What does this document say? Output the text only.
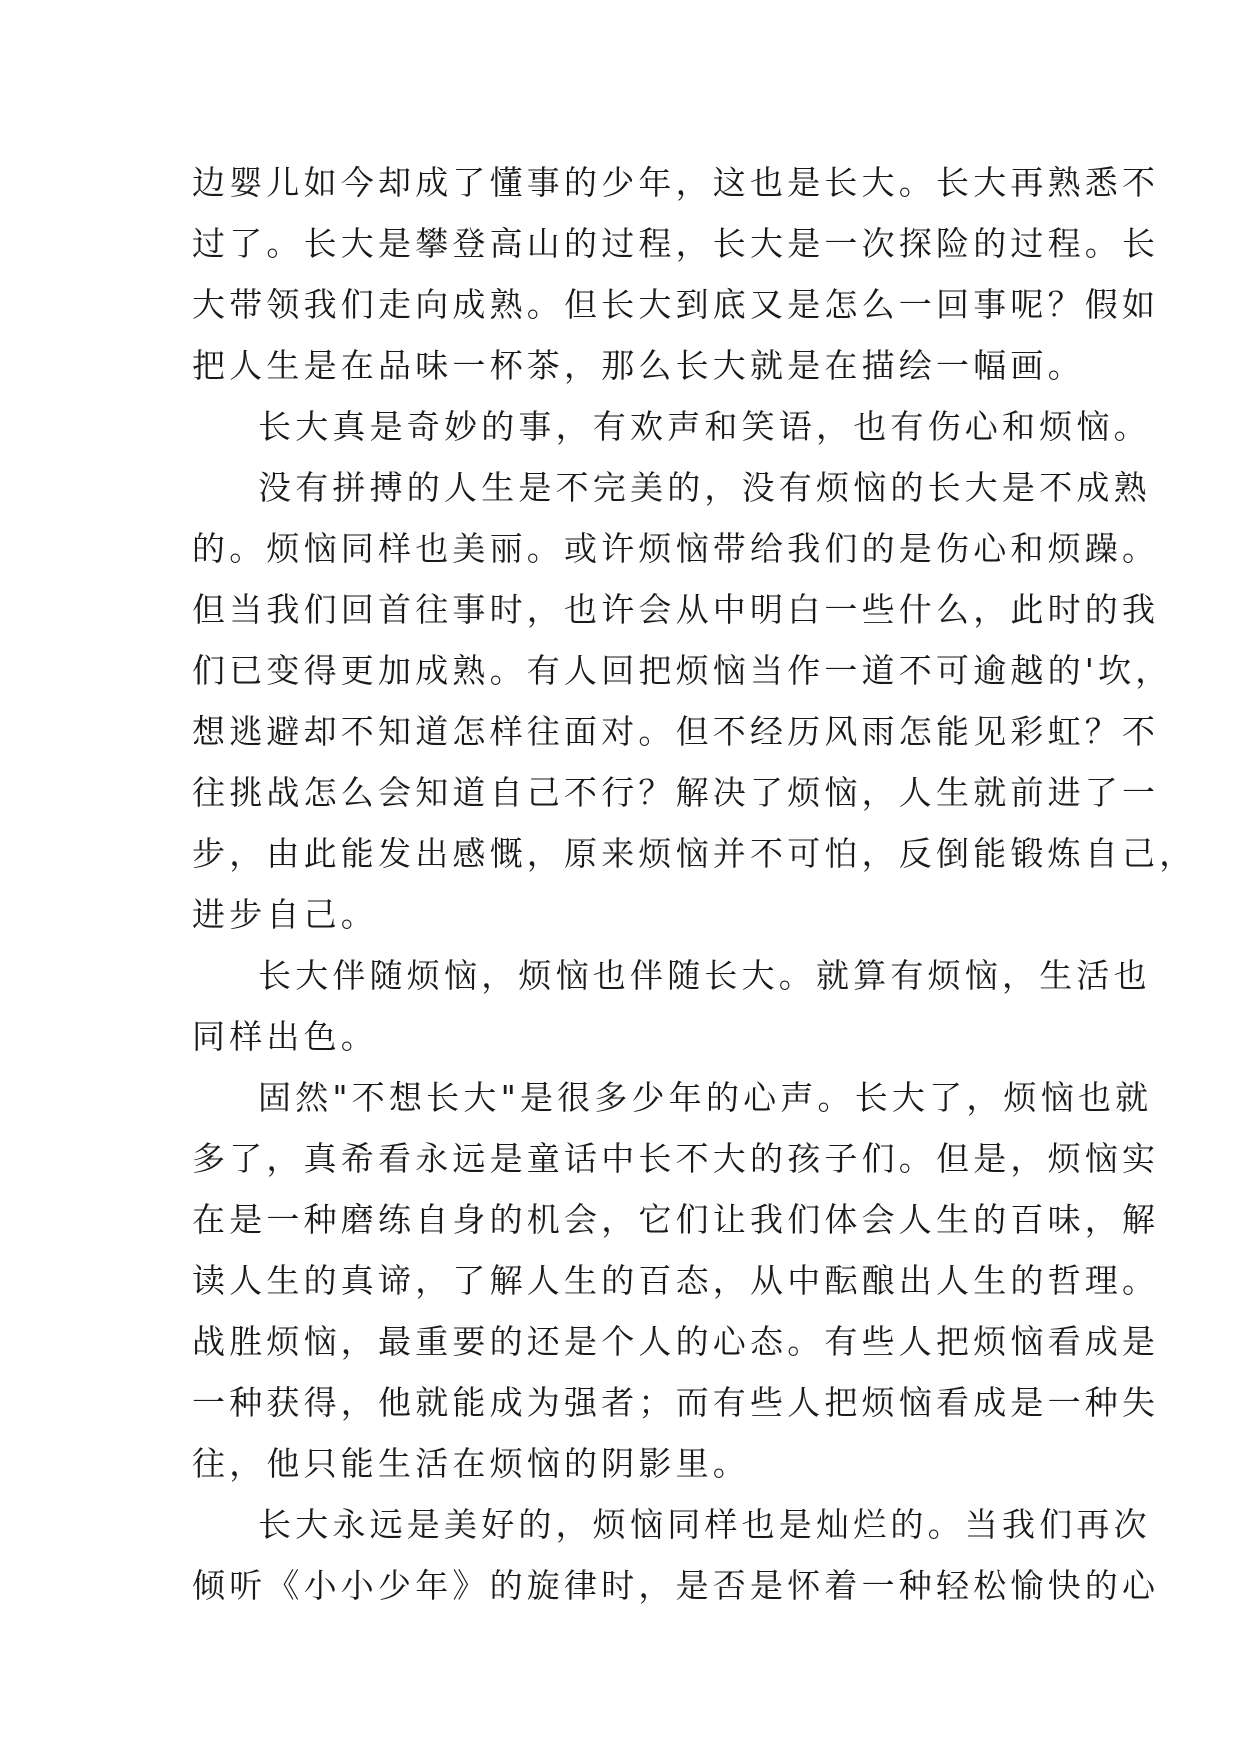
边婴儿如今却成了懂事的少年，这也是长大。长大再熟悉不
过了。长大是攀登高山的过程，长大是一次探险的过程。长
大带领我们走向成熟。但长大到底又是怎么一回事呢？假如
把人生是在品味一杯茶，那么长大就是在描绘一幅画。
长大真是奇妙的事，有欢声和笑语，也有伤心和烦恼。
没有拼搏的人生是不完美的，没有烦恼的长大是不成熟
的。烦恼同样也美丽。或许烦恼带给我们的是伤心和烦躁。
但当我们回首往事时，也许会从中明白一些什么，此时的我
们已变得更加成熟。有人回把烦恼当作一道不可逾越的'坎，
想逃避却不知道怎样往面对。但不经历风雨怎能见彩虹？不
往挑战怎么会知道自己不行？解决了烦恼，人生就前进了一
步，由此能发出感慨，原来烦恼并不可怕，反倒能锻炼自己，
进步自己。
长大伴随烦恼，烦恼也伴随长大。就算有烦恼，生活也
同样出色。
固然"不想长大"是很多少年的心声。长大了，烦恼也就
多了，真希看永远是童话中长不大的孩子们。但是，烦恼实
在是一种磨练自身的机会，它们让我们体会人生的百味，解
读人生的真谛，了解人生的百态，从中酝酿出人生的哲理。
战胜烦恼，最重要的还是个人的心态。有些人把烦恼看成是
一种获得，他就能成为强者；而有些人把烦恼看成是一种失
往，他只能生活在烦恼的阴影里。
长大永远是美好的，烦恼同样也是灿烂的。当我们再次
倾听《小小少年》的旋律时，是否是怀着一种轻松愉快的心
